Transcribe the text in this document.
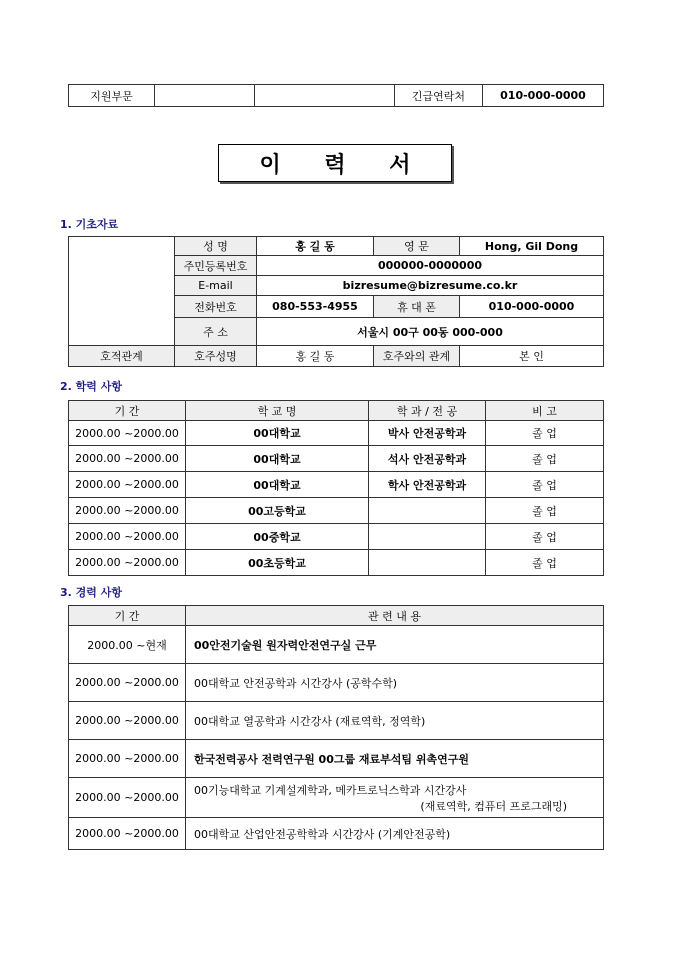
지원부문			긴급연락처	010-000-0000
이 력 서
1. 기초자료
	성 명	홍 길 동	영 문	Hong, Gil Dong
	주민등록번호	000000-0000000		
	E-mail	bizresume@bizresume.co.kr		
	전화번호	080-553-4955	휴 대 폰	010-000-0000
	주 소	서울시 00구 00동 000-000		
호적관계	호주성명	홍 길 동	호주와의 관계	본 인
2. 학력 사항
기 간	학 교 명	학 과 / 전 공	비 고
2000.00 ~2000.00	00대학교	박사 안전공학과	졸 업
2000.00 ~2000.00	00대학교	석사 안전공학과	졸 업
2000.00 ~2000.00	00대학교	학사 안전공학과	졸 업
2000.00 ~2000.00	00고등학교		졸 업
2000.00 ~2000.00	00중학교		졸 업
2000.00 ~2000.00	00초등학교		졸 업
3. 경력 사항
기 간	관 련 내 용
2000.00 ~현재	00안전기술원 원자력안전연구실 근무
2000.00 ~2000.00	00대학교 안전공학과 시간강사 (공학수학)
2000.00 ~2000.00	00대학교 열공학과 시간강사 (재료역학, 정역학)
2000.00 ~2000.00	한국전력공사 전력연구원 00그룹 재료부석팀 위촉연구원
2000.00 ~2000.00	00기능대학교 기계설계학과, 메카트로닉스학과 시간강사
(재료역학, 컴퓨터 프로그래밍)

2000.00 ~2000.00	00대학교 산업안전공학학과 시간강사 (기계안전공학)
